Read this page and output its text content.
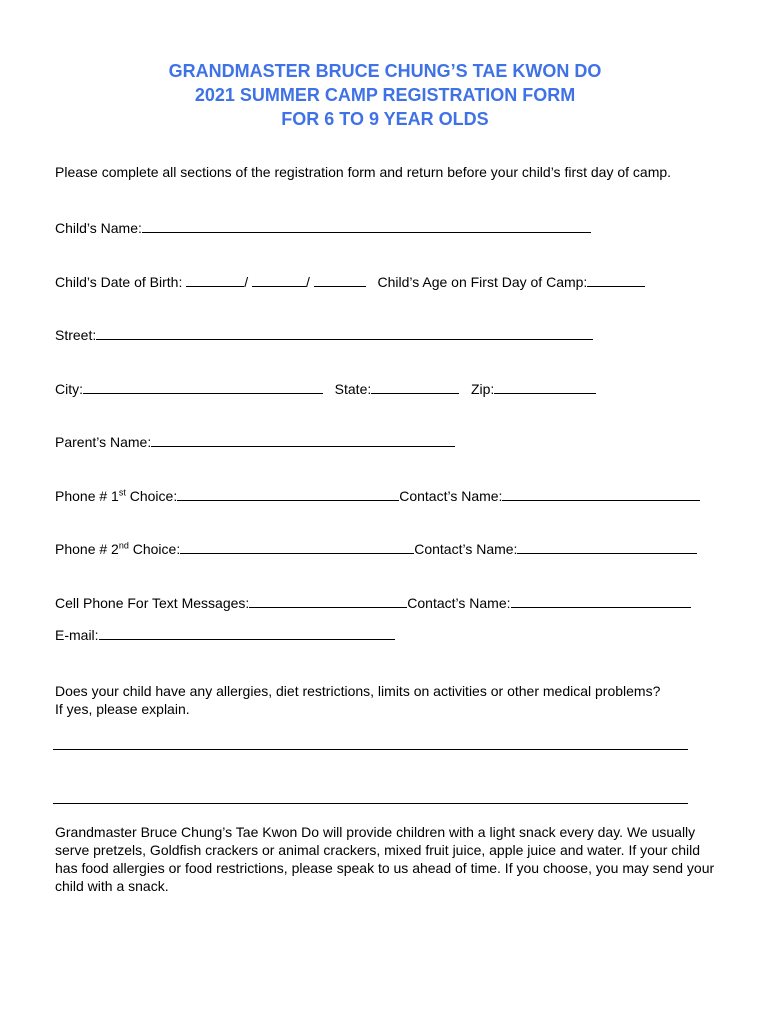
GRANDMASTER BRUCE CHUNG’S TAE KWON DO
2021 SUMMER CAMP REGISTRATION FORM
FOR 6 TO 9 YEAR OLDS
Please complete all sections of the registration form and return before your child’s first day of camp.
Child’s Name:
Child’s Date of Birth:	/	/	Child’s Age on First Day of Camp:
Street:
City:	State:	Zip:
Parent’s Name:
Phone # 1st Choice:	Contact’s Name:
Phone # 2nd Choice:	Contact’s Name:
Cell Phone For Text Messages:	Contact’s Name:
E-mail:
Does your child have any allergies, diet restrictions, limits on activities or other medical problems?
If yes, please explain.
Grandmaster Bruce Chung’s Tae Kwon Do will provide children with a light snack every day. We usually serve pretzels, Goldfish crackers or animal crackers, mixed fruit juice, apple juice and water. If your child has food allergies or food restrictions, please speak to us ahead of time. If you choose, you may send your child with a snack.
